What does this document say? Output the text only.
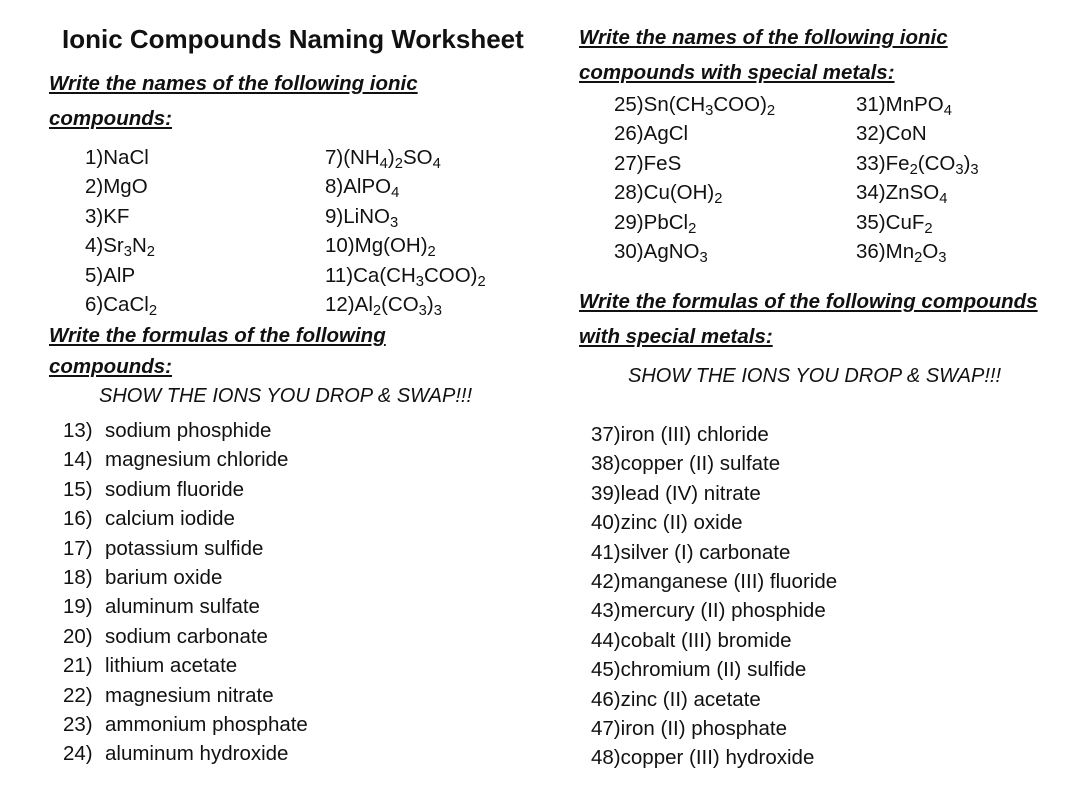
Ionic Compounds Naming Worksheet
Write the names of the following ionic
compounds:
1)NaCl
2)MgO
3)KF
$4)Sr_3N_2$
5)AlP
6)CaCl$_2$
$7)(NH_4)_2SO_4$
8)AlPO$_4$
9)LiNO$_3$
$10)Mg(OH)_2$
$11)Ca(CH_3COO)_2$
$12)Al_2(CO_3)_3$
Write the formulas of the following
compounds:
SHOW THE IONS YOU DROP & SWAP!!!
13) sodium phosphide
14) magnesium chloride
15) sodium fluoride
16) calcium iodide
17) potassium sulfide
18) barium oxide
19) aluminum sulfate
20) sodium carbonate
21) lithium acetate
22) magnesium nitrate
23) ammonium phosphate
24) aluminum hydroxide
Write the names of the following ionic
compounds with special metals:
$25)Sn(CH_3COO)_2$
26)AgCl
27)FeS
$28)Cu(OH)_2$
29)PbCl$_2$
30)AgNO$_3$
31)MnPO$_4$
32)CoN
$33)Fe_2(CO_3)_3$
34)ZnSO$_4$
35)CuF$_2$
$36)Mn_2O_3$
Write the formulas of the following compounds
with special metals:
SHOW THE IONS YOU DROP & SWAP!!!
37)iron (III) chloride
38)copper (II) sulfate
39)lead (IV) nitrate
40)zinc (II) oxide
41)silver (I) carbonate
42)manganese (III) fluoride
43)mercury (II) phosphide
44)cobalt (III) bromide
45)chromium (II) sulfide
46)zinc (II) acetate
47)iron (II) phosphate
48)copper (III) hydroxide
